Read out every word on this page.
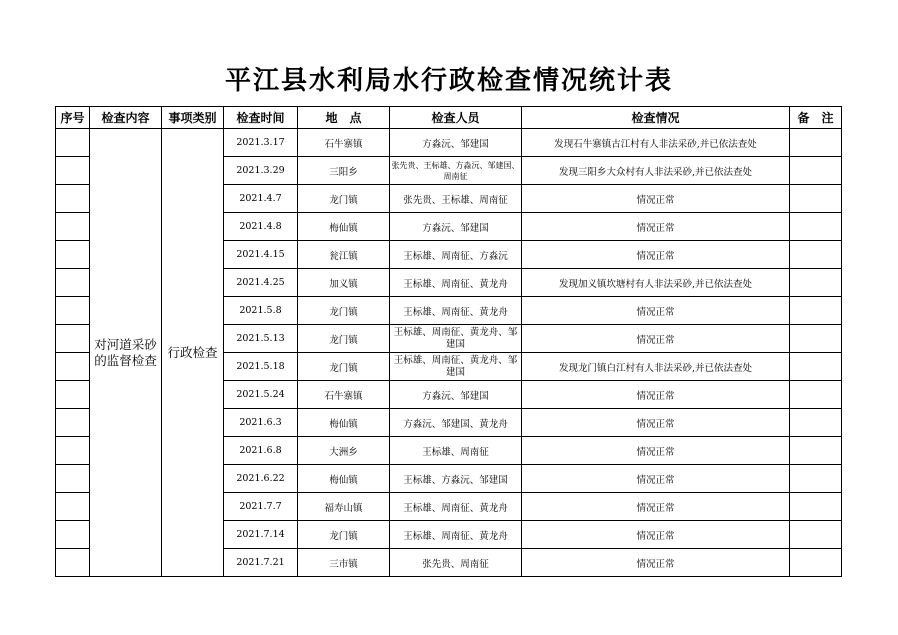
平江县水利局水行政检查情况统计表
序号	检查内容	事项类别	检查时间	地　点	检查人员	检查情况	备　注
	对河道采砂的监督检查	行政检查	2021.3.17	石牛寨镇	方淼沅、邹建国	发现石牛寨镇古江村有人非法采砂,并已依法查处	
			2021.3.29	三阳乡	张先贵、王标雄、方淼沅、邹建国、周南征	发现三阳乡大众村有人非法采砂,并已依法查处	
			2021.4.7	龙门镇	张先贵、王标雄、周南征	情况正常	
			2021.4.8	梅仙镇	方淼沅、邹建国	情况正常	
			2021.4.15	瓮江镇	王标雄、周南征、方淼沅	情况正常	
			2021.4.25	加义镇	王标雄、周南征、黄龙舟	发现加义镇坎塘村有人非法采砂,并已依法查处	
			2021.5.8	龙门镇	王标雄、周南征、黄龙舟	情况正常	
			2021.5.13	龙门镇	王标雄、周南征、黄龙舟、邹建国	情况正常	
			2021.5.18	龙门镇	王标雄、周南征、黄龙舟、邹建国	发现龙门镇白江村有人非法采砂,并已依法查处	
			2021.5.24	石牛寨镇	方淼沅、邹建国	情况正常	
			2021.6.3	梅仙镇	方淼沅、邹建国、黄龙舟	情况正常	
			2021.6.8	大洲乡	王标雄、周南征	情况正常	
			2021.6.22	梅仙镇	王标雄、方淼沅、邹建国	情况正常	
			2021.7.7	福寿山镇	王标雄、周南征、黄龙舟	情况正常	
			2021.7.14	龙门镇	王标雄、周南征、黄龙舟	情况正常	
			2021.7.21	三市镇	张先贵、周南征	情况正常	
